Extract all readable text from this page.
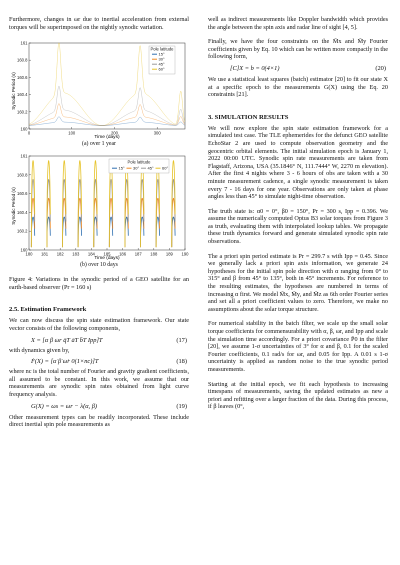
Furthermore, changes in ωr due to inertial acceleration from external torques will be superimposed on the nightly synodic variation.

160
160.2
160.4
160.6
160.8
161
0	100	200	300
Pole latitude
15°
30°
45°
60°
Synodic Period (s)
Time (days)
(a) over 1 year
160
160.2
160.4
160.6
160.8
161
180 181 182 183 184 185 186 187 188 189 190
Pole latitude
15° 30° 45° 60°
Synodic Period (s)
Time (days)
(b) over 10 days

Figure 4: Variations in the synodic period of a GEO satellite for an earth-based observer (Pr = 160 s)

2.5. Estimation Framework

We can now discuss the spin state estimation framework. Our state vector consists of the following components,

X = [α β ωr q̄T āT b̄T Ipp]T	(17)

with dynamics given by,

Ḟ(X) = [α̇ β̇ ω̇r 0(1×nc)]T	(18)

where nc is the total number of Fourier and gravity gradient coefficients, all assumed to be constant. In this work, we assume that our measurements are synodic spin rates obtained from light curve frequency analysis.

G(X) = ωs = ωr − λ̇(α, β)	(19)

Other measurement types can be readily incorporated. These include direct inertial spin pole measurements as

well as indirect measurements like Doppler bandwidth which provides the angle between the spin axis and radar line of sight [4, 5].

Finally, we have the four constraints on the M̄x and M̄y Fourier coefficients given by Eq. 10 which can be written more compactly in the following form,

[C]X = b = 0(4×1)	(20)

We use a statistical least squares (batch) estimator [20] to fit our state X at a specific epoch to the measurements G(X) using the Eq. 20 constraints [21].

3. SIMULATION RESULTS

We will now explore the spin state estimation framework for a simulated test case. The TLE ephemerides for the defunct GEO satellite EchoStar 2 are used to compute observation geometry and the geocentric orbital elements. The initial simulation epoch is January 1, 2022 00:00 UTC. Synodic spin rate measurements are taken from Flagstaff, Arizona, USA (35.1846° N, 111.7444° W, 2270 m elevation). After the first 4 nights where 3 - 6 hours of obs are taken with a 30 minute measurement cadence, a single synodic measurement is taken every 7 - 16 days for one year. Observations are only taken at phase angles less than 45° to simulate night-time observation.

The truth state is: α0 = 0°, β0 = 150°, Pr = 300 s, Ipp = 0.396. We assume the numerically computed Optus B3 solar torques from Figure 3 as truth, evaluating them with interpolated lookup tables. We propagate these truth dynamics forward and generate simulated synodic spin rate observations.

The a priori spin period estimate is Pr = 299.7 s with Ipp = 0.45. Since we generally lack a priori spin axis information, we generate 24 hypotheses for the initial spin pole direction with α ranging from 0° to 315° and β from 45° to 135°, both in 45° increments. For reference to the resulting estimates, the hypotheses are numbered in terms of increasing α first. We model M̄x, M̄y, and M̄z as 6th order Fourier series and set all a priori coefficient values to zero. Therefore, we make no assumptions about the solar torque structure.

For numerical stability in the batch filter, we scale up the small solar torque coefficients for commensurability with α, β, ωr, and Ipp and scale the simulation time accordingly. For a priori covariance P̄0 in the filter [20], we assume 1-σ uncertainties of 3° for α and β, 0.1 for the scaled Fourier coefficients, 0.1 rad/s for ωr, and 0.05 for Ipp. A 0.01 s 1-σ uncertainty is applied as random noise to the true synodic period measurements.

Starting at the initial epoch, we fit each hypothesis to increasing timespans of measurements, saving the updated estimates as new a priori and refitting over a larger fraction of the data. During this process, if β leaves (0°,
